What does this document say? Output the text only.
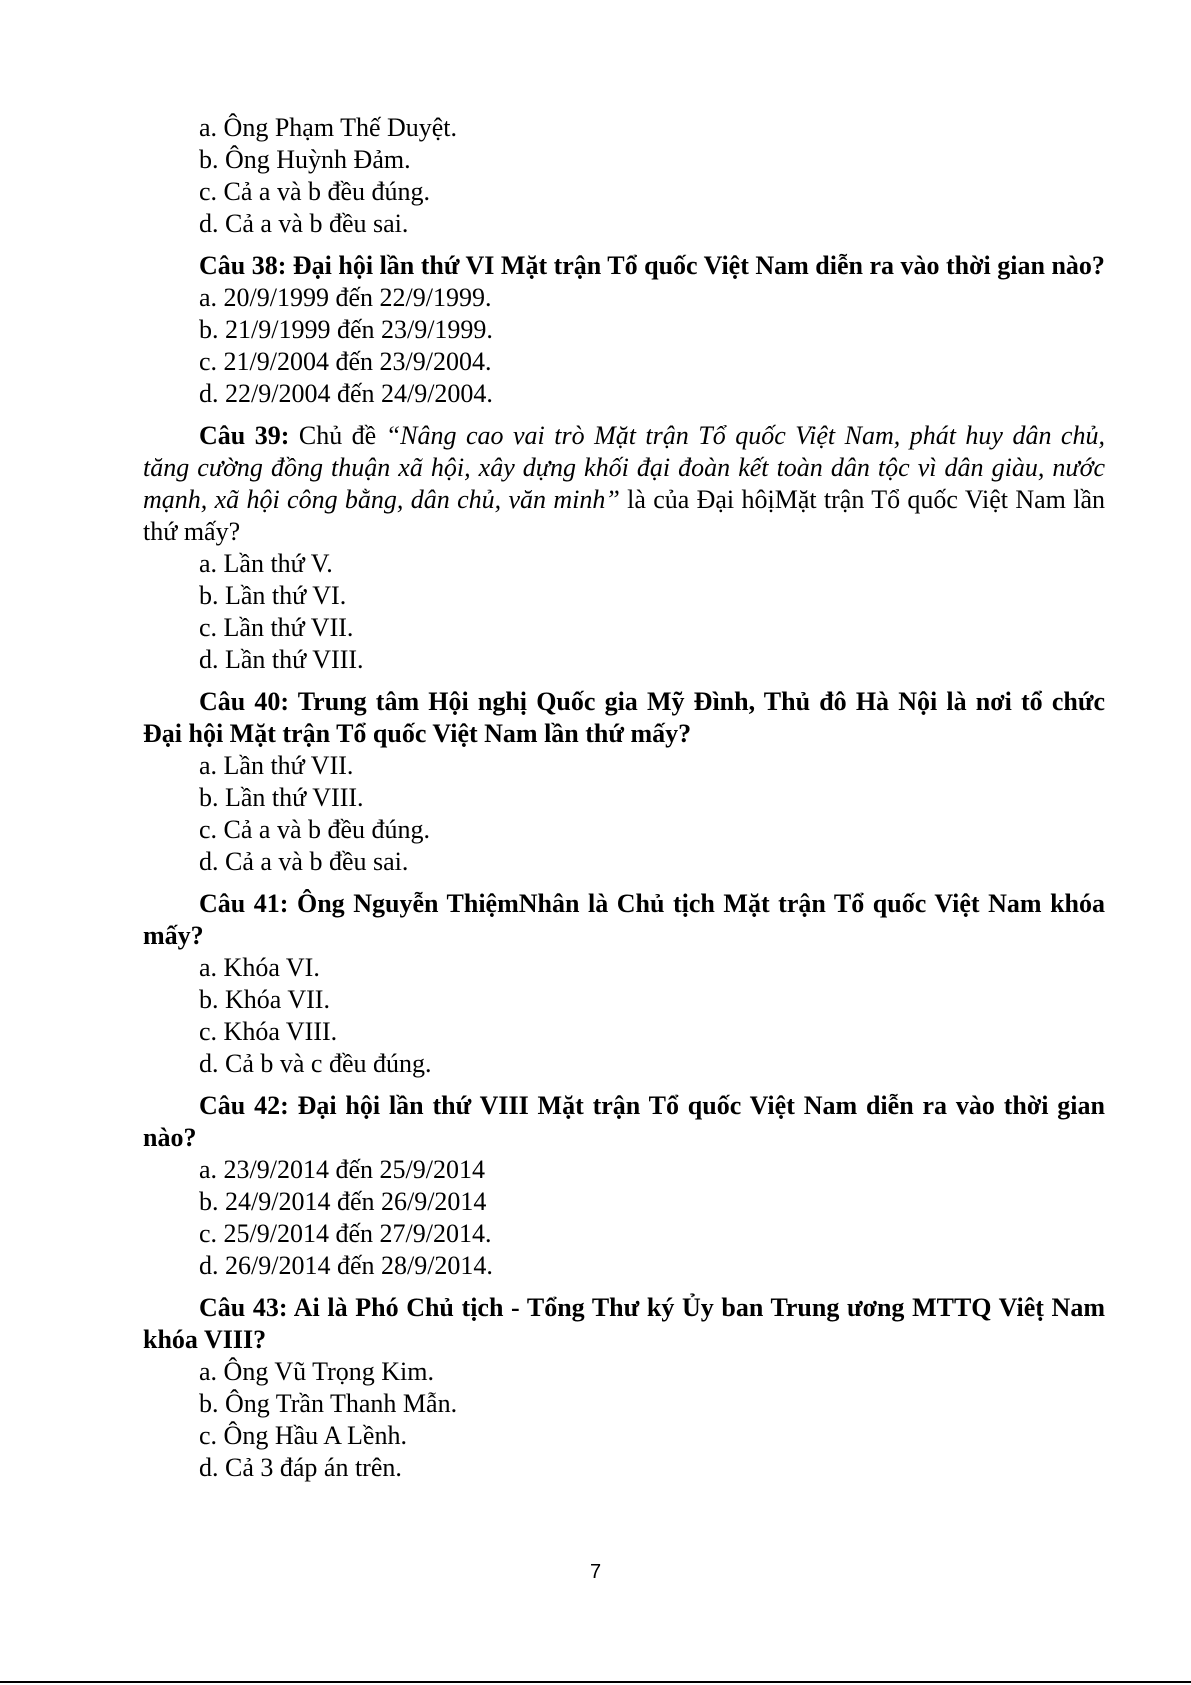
a. Ông Phạm Thế Duyệt.

b. Ông Huỳnh Đảm.

c. Cả a và b đều đúng.

d. Cả a và b đều sai.

Câu 38: Đại hội lần thứ VI Mặt trận Tổ quốc Việt Nam diễn ra vào thời gian nào?

a. 20/9/1999 đến 22/9/1999.

b. 21/9/1999 đến 23/9/1999.

c. 21/9/2004 đến 23/9/2004.

d. 22/9/2004 đến 24/9/2004.

Câu 39: Chủ đề “Nâng cao vai trò Mặt trận Tổ quốc Việt Nam, phát huy dân chủ, tăng cường đồng thuận xã hội, xây dựng khối đại đoàn kết toàn dân tộc vì dân giàu, nước mạnh, xã hội công bằng, dân chủ, văn minh” là của Đại hôịMặt trận Tổ quốc Việt Nam lần thứ mấy?

a. Lần thứ V.

b. Lần thứ VI.

c. Lần thứ VII.

d. Lần thứ VIII.

Câu 40: Trung tâm Hội nghị Quốc gia Mỹ Đình, Thủ đô Hà Nội là nơi tổ chức Đại hội Mặt trận Tổ quốc Việt Nam lần thứ mấy?

a. Lần thứ VII.

b. Lần thứ VIII.

c. Cả a và b đều đúng.

d. Cả a và b đều sai.

Câu 41: Ông Nguyễn ThiệmNhân là Chủ tịch Mặt trận Tổ quốc Việt Nam khóa mấy?

a. Khóa VI.

b. Khóa VII.

c. Khóa VIII.

d. Cả b và c đều đúng.

Câu 42: Đại hội lần thứ VIII Mặt trận Tổ quốc Việt Nam diễn ra vào thời gian nào?

a. 23/9/2014 đến 25/9/2014

b. 24/9/2014 đến 26/9/2014

c. 25/9/2014 đến 27/9/2014.

d. 26/9/2014 đến 28/9/2014.

Câu 43: Ai là Phó Chủ tịch - Tổng Thư ký Ủy ban Trung ương MTTQ Viêṭ Nam khóa VIII?

a. Ông Vũ Trọng Kim.

b. Ông Trần Thanh Mẫn.

c. Ông Hầu A Lềnh.

d. Cả 3 đáp án trên.

7
